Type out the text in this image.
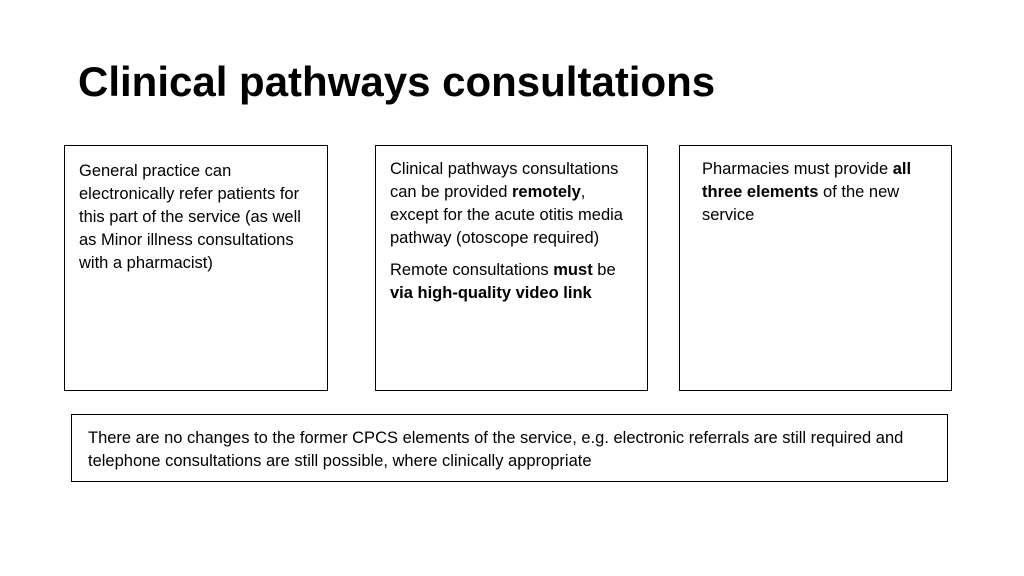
Clinical pathways consultations

General practice can electronically refer patients for this part of the service (as well as Minor illness consultations with a pharmacist)

Clinical pathways consultations can be provided remotely, except for the acute otitis media pathway (otoscope required)

Remote consultations must be via high-quality video link

Pharmacies must provide all three elements of the new service

There are no changes to the former CPCS elements of the service, e.g. electronic referrals are still required and telephone consultations are still possible, where clinically appropriate
